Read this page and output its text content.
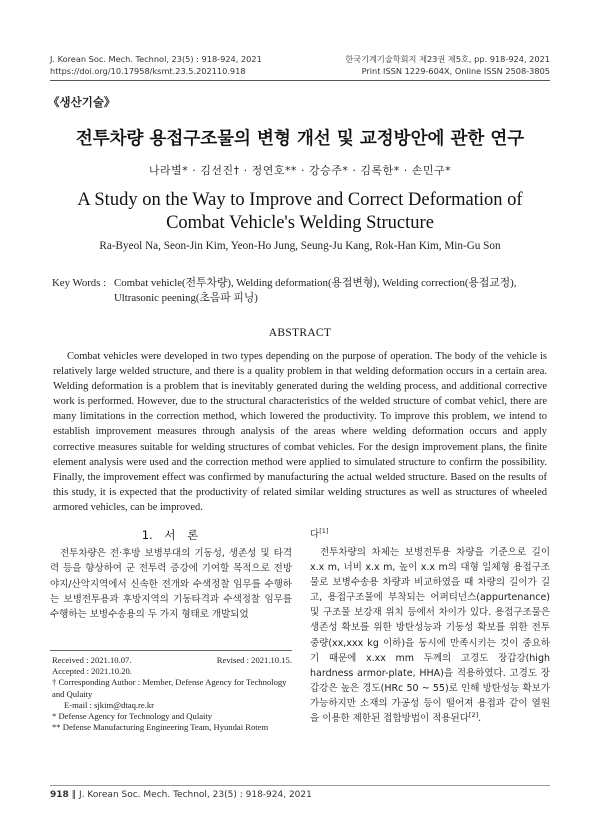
J. Korean Soc. Mech. Technol, 23(5) : 918-924, 2021
https://doi.org/10.17958/ksmt.23.5.202110.918
한국기계기술학회지 제23권 제5호, pp. 918-924, 2021
Print ISSN 1229-604X, Online ISSN 2508-3805
《생산기술》
전투차량 용접구조물의 변형 개선 및 교정방안에 관한 연구
나라별* · 김선진† · 정연호** · 강승주* · 김록한* · 손민구*
A Study on the Way to Improve and Correct Deformation of
Combat Vehicle's Welding Structure
Ra-Byeol Na, Seon-Jin Kim, Yeon-Ho Jung, Seung-Ju Kang, Rok-Han Kim, Min-Gu Son
Key Words : Combat vehicle(전투차량), Welding deformation(용접변형), Welding correction(용접교정), Ultrasonic peening(초음파 피닝)
ABSTRACT
Combat vehicles were developed in two types depending on the purpose of operation. The body of the vehicle is relatively large welded structure, and there is a quality problem in that welding deformation occurs in a certain area. Welding deformation is a problem that is inevitably generated during the welding process, and additional corrective work is performed. However, due to the structural characteristics of the welded structure of combat vehicl, there are many limitations in the correction method, which lowered the productivity. To improve this problem, we intend to establish improvement measures through analysis of the areas where welding deformation occurs and apply corrective measures suitable for welding structures of combat vehicles. For the design improvement plans, the finite element analysis were used and the correction method were applied to simulated structure to confirm the possibility. Finally, the improvement effect was confirmed by manufacturing the actual welded structure. Based on the results of this study, it is expected that the productivity of related similar welding structures as well as structures of wheeled armored vehicles, can be improved.
1. 서 론
전투차량은 전·후방 보병부대의 기동성, 생존성 및 타격력 등을 향상하여 군 전투력 증강에 기여할 목적으로 전방 야지/산악지역에서 신속한 전개와 수색정찰 임무를 수행하는 보병전투용과 후방지역의 기동타격과 수색정찰 임무를 수행하는 보병수송용의 두 가지 형태로 개발되었
다[1]
전투차량의 차체는 보병전투용 차량을 기준으로 길이 x.x m, 너비 x.x m, 높이 x.x m의 대형 일체형 용접구조물로 보병수송용 차량과 비교하였을 때 차량의 길이가 길고, 용접구조물에 부착되는 어퍼티넌스(appurtenance) 및 구조물 보강재 위치 등에서 차이가 있다. 용접구조물은 생존성 확보를 위한 방탄성능과 기동성 확보를 위한 전투중량(xx,xxx kg 이하)을 동시에 만족시키는 것이 중요하기 때문에 x.xx mm 두께의 고경도 장갑강(high hardness armor-plate, HHA)을 적용하였다. 고경도 장갑강은 높은 경도(HRc 50 ~ 55)로 인해 방탄성능 확보가 가능하지만 소재의 가공성 등이 떨어져 용접과 같이 열원을 이용한 제한된 접합방법이 적용된다[2].
Received : 2021.10.07.	Revised : 2021.10.15.
Accepted : 2021.10.20.
† Corresponding Author : Member, Defense Agency for Technology and Qulaity
E-mail : sjkim@dtaq.re.kr
* Defense Agency for Technology and Qulaity
** Defense Manufacturing Engineering Team, Hyundai Rotem
918 ‖ J. Korean Soc. Mech. Technol, 23(5) : 918-924, 2021
